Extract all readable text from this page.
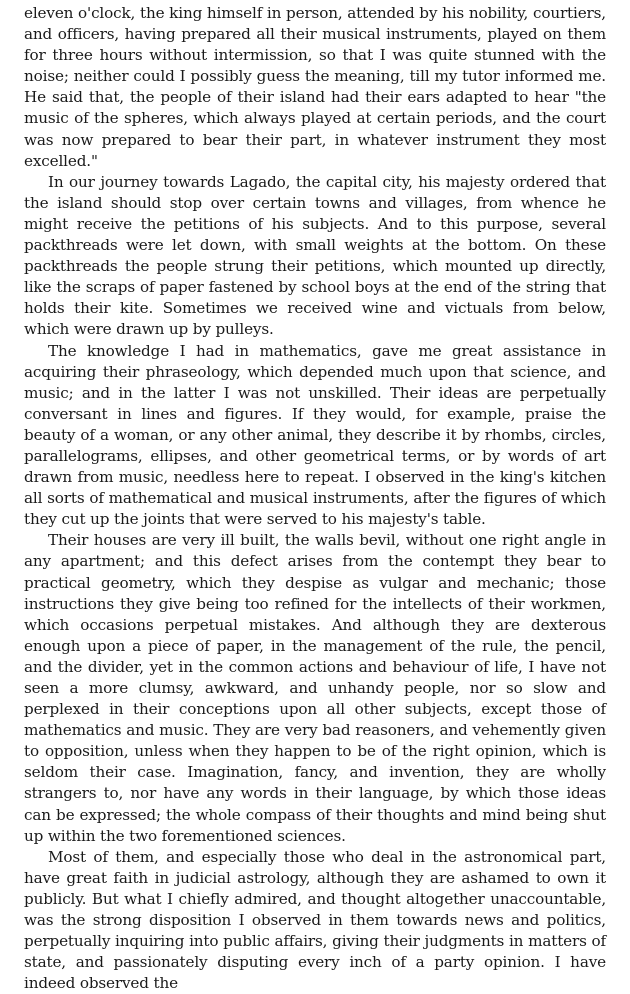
eleven o'clock, the king himself in person, attended by his nobility, courtiers, and officers, having prepared all their musical instruments, played on them for three hours without intermission, so that I was quite stunned with the noise; neither could I possibly guess the meaning, till my tutor informed me. He said that, the people of their island had their ears adapted to hear "the music of the spheres, which always played at certain periods, and the court was now prepared to bear their part, in whatever instrument they most excelled."

In our journey towards Lagado, the capital city, his majesty ordered that the island should stop over certain towns and villages, from whence he might receive the petitions of his subjects. And to this purpose, several packthreads were let down, with small weights at the bottom. On these packthreads the people strung their petitions, which mounted up directly, like the scraps of paper fastened by school boys at the end of the string that holds their kite. Sometimes we received wine and victuals from below, which were drawn up by pulleys.

The knowledge I had in mathematics, gave me great assistance in acquiring their phraseology, which depended much upon that science, and music; and in the latter I was not unskilled. Their ideas are perpetually conversant in lines and figures. If they would, for example, praise the beauty of a woman, or any other animal, they describe it by rhombs, circles, parallelograms, ellipses, and other geometrical terms, or by words of art drawn from music, needless here to repeat. I observed in the king's kitchen all sorts of mathematical and musical instruments, after the figures of which they cut up the joints that were served to his majesty's table.

Their houses are very ill built, the walls bevil, without one right angle in any apartment; and this defect arises from the contempt they bear to practical geometry, which they despise as vulgar and mechanic; those instructions they give being too refined for the intellects of their workmen, which occasions perpetual mistakes. And although they are dexterous enough upon a piece of paper, in the management of the rule, the pencil, and the divider, yet in the common actions and behaviour of life, I have not seen a more clumsy, awkward, and unhandy people, nor so slow and perplexed in their conceptions upon all other subjects, except those of mathematics and music. They are very bad reasoners, and vehemently given to opposition, unless when they happen to be of the right opinion, which is seldom their case. Imagination, fancy, and invention, they are wholly strangers to, nor have any words in their language, by which those ideas can be expressed; the whole compass of their thoughts and mind being shut up within the two forementioned sciences.

Most of them, and especially those who deal in the astronomical part, have great faith in judicial astrology, although they are ashamed to own it publicly. But what I chiefly admired, and thought altogether unaccountable, was the strong disposition I observed in them towards news and politics, perpetually inquiring into public affairs, giving their judgments in matters of state, and passionately disputing every inch of a party opinion. I have indeed observed the
